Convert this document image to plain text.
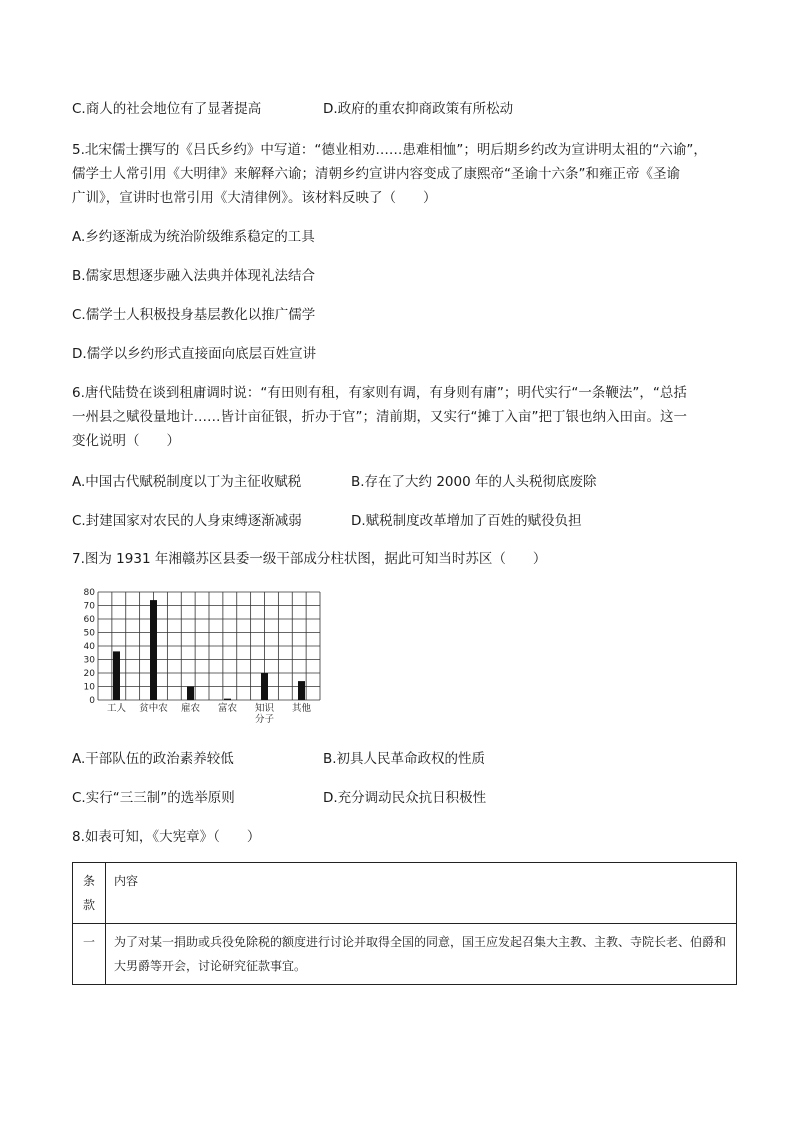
C.商人的社会地位有了显著提高	D.政府的重农抑商政策有所松动
5.北宋儒士撰写的《吕氏乡约》中写道：“德业相劝……患难相恤”；明后期乡约改为宣讲明太祖的“六谕”，
儒学士人常引用《大明律》来解释六谕；清朝乡约宣讲内容变成了康熙帝“圣谕十六条”和雍正帝《圣谕
广训》，宣讲时也常引用《大清律例》。该材料反映了（　　）
A.乡约逐渐成为统治阶级维系稳定的工具
B.儒家思想逐步融入法典并体现礼法结合
C.儒学士人积极投身基层教化以推广儒学
D.儒学以乡约形式直接面向底层百姓宣讲
6.唐代陆贽在谈到租庸调时说：“有田则有租，有家则有调，有身则有庸”；明代实行“一条鞭法”，“总括
一州县之赋役量地计……皆计亩征银，折办于官”；清前期，又实行“摊丁入亩”把丁银也纳入田亩。这一
变化说明（　　）
A.中国古代赋税制度以丁为主征收赋税	B.存在了大约 2000 年的人头税彻底废除
C.封建国家对农民的人身束缚逐渐减弱	D.赋税制度改革增加了百姓的赋役负担
7.图为 1931 年湘赣苏区县委一级干部成分柱状图，据此可知当时苏区（　　）
0
10
20
30
40
50
60
70
80
工人 贫中农 雇农 富农 知识
分子
其他
A.干部队伍的政治素养较低	B.初具人民革命政权的性质
C.实行“三三制”的选举原则	D.充分调动民众抗日积极性
8.如表可知，《大宪章》（　　）
条款	内容
一	为了对某一捐助或兵役免除税的额度进行讨论并取得全国的同意，国王应发起召集大主教、主教、寺院长老、伯爵和大男爵等开会，讨论研究征款事宜。
